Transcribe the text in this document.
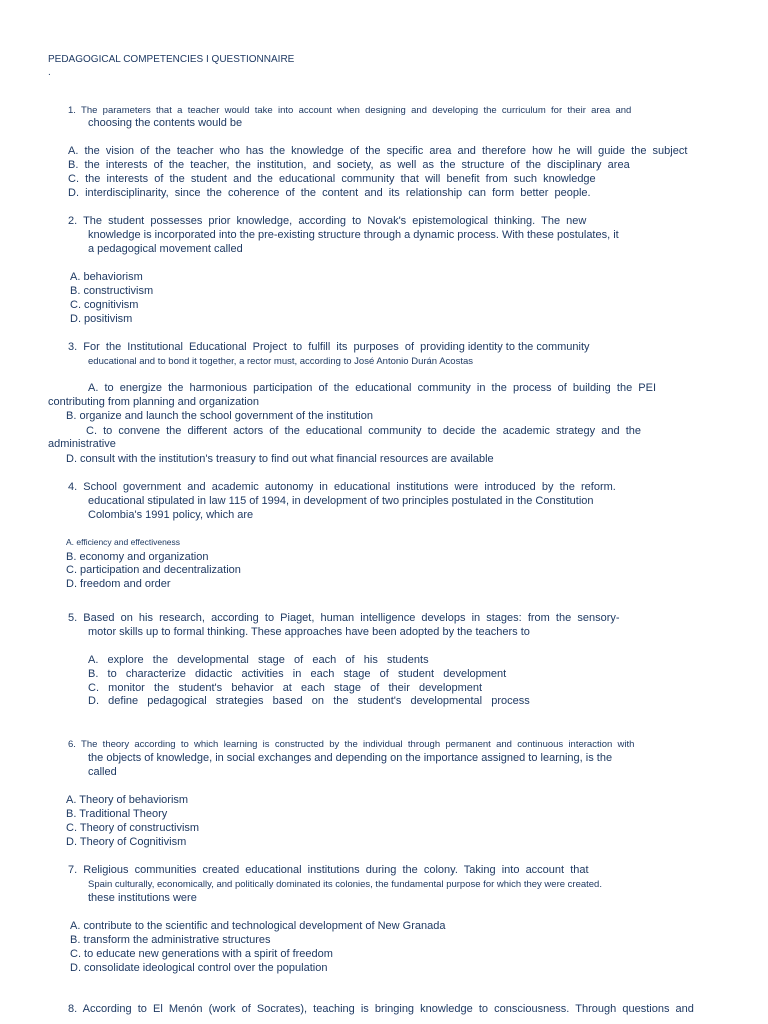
PEDAGOGICAL COMPETENCIES I QUESTIONNAIRE
.
1.  The  parameters  that  a  teacher  would  take  into  account  when  designing  and  developing  the  curriculum  for  their  area  and
choosing the contents would be
A.  the  vision  of  the  teacher  who  has  the  knowledge  of  the  specific  area  and  therefore  how  he  will  guide  the  subject
B.  the  interests  of  the  teacher,  the  institution,  and  society,  as  well  as  the  structure  of  the  disciplinary  area
C.  the  interests  of  the  student  and  the  educational  community  that  will  benefit  from  such  knowledge
D.  interdisciplinarity,  since  the  coherence  of  the  content  and  its  relationship  can  form  better  people.
2.  The  student  possesses  prior  knowledge,  according  to  Novak's  epistemological  thinking.  The  new
knowledge is incorporated into the pre-existing structure through a dynamic process. With these postulates, it
a pedagogical movement called
A. behaviorism
B. constructivism
C. cognitivism
D. positivism
3.  For  the  Institutional  Educational  Project  to  fulfill  its  purposes  of  providing identity to the community
educational and to bond it together, a rector must, according to José Antonio Durán Acostas
A.  to  energize  the  harmonious  participation  of  the  educational  community  in  the  process  of  building  the  PEI
contributing from planning and organization
B. organize and launch the school government of the institution
C.  to  convene  the  different  actors  of  the  educational  community  to  decide  the  academic  strategy  and  the
administrative
D. consult with the institution's treasury to find out what financial resources are available
4.  School  government  and  academic  autonomy  in  educational  institutions  were  introduced  by  the  reform.
educational stipulated in law 115 of 1994, in development of two principles postulated in the Constitution
Colombia's 1991 policy, which are
A. efficiency and effectiveness
B. economy and organization
C. participation and decentralization
D. freedom and order
5.  Based  on  his  research,  according  to  Piaget,  human  intelligence  develops  in  stages:  from  the  sensory-
motor skills up to formal thinking. These approaches have been adopted by the teachers to
A.   explore   the   developmental   stage   of   each   of   his   students
B.   to   characterize   didactic   activities   in   each   stage   of   student   development
C.   monitor   the   student's   behavior   at   each   stage   of   their   development
D.   define   pedagogical   strategies   based   on   the   student's   developmental   process
6.  The  theory  according  to  which  learning  is  constructed  by  the  individual  through  permanent  and  continuous  interaction  with
the objects of knowledge, in social exchanges and depending on the importance assigned to learning, is the
called
A. Theory of behaviorism
B. Traditional Theory
C. Theory of constructivism
D. Theory of Cognitivism
7.  Religious  communities  created  educational  institutions  during  the  colony.  Taking  into  account  that
Spain culturally, economically, and politically dominated its colonies, the fundamental purpose for which they were created.
these institutions were
A. contribute to the scientific and technological development of New Granada
B. transform the administrative structures
C. to educate new generations with a spirit of freedom
D. consolidate ideological control over the population
8.  According  to  El  Menón  (work  of  Socrates),  teaching  is  bringing  knowledge  to  consciousness.  Through  questions  and
